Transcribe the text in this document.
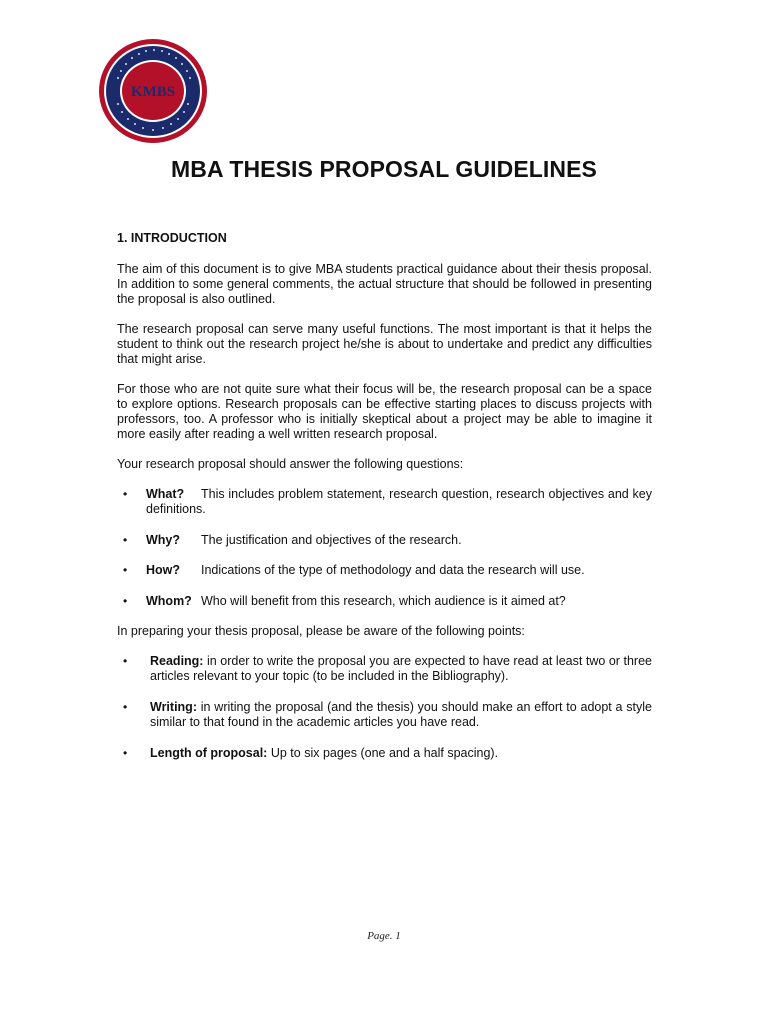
KMBS
MBA THESIS PROPOSAL GUIDELINES
1. INTRODUCTION

The aim of this document is to give MBA students practical guidance about their thesis proposal. In addition to some general comments, the actual structure that should be followed in presenting the proposal is also outlined.

The research proposal can serve many useful functions. The most important is that it helps the student to think out the research project he/she is about to undertake and predict any difficulties that might arise.

For those who are not quite sure what their focus will be, the research proposal can be a space to explore options. Research proposals can be effective starting places to discuss projects with professors, too. A professor who is initially skeptical about a project may be able to imagine it more easily after reading a well written research proposal.

Your research proposal should answer the following questions:

• What? This includes problem statement, research question, research objectives and key definitions.
• Why? The justification and objectives of the research.
• How? Indications of the type of methodology and data the research will use.
• Whom? Who will benefit from this research, which audience is it aimed at?

In preparing your thesis proposal, please be aware of the following points:

• Reading: in order to write the proposal you are expected to have read at least two or three articles relevant to your topic (to be included in the Bibliography).
• Writing: in writing the proposal (and the thesis) you should make an effort to adopt a style similar to that found in the academic articles you have read.
• Length of proposal: Up to six pages (one and a half spacing).
Page. 1
